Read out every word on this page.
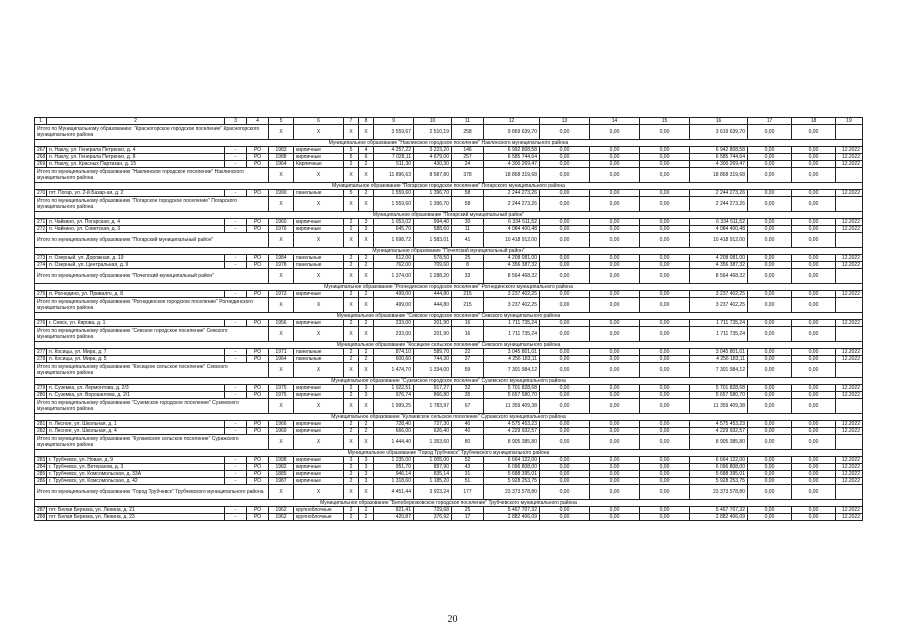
1	2	3	4	5	6	7	8	9	10	11	12	13	14	15	16	17	18	19
Итого по Муниципальному образованию: "Красногорское городское поселение" Красногорского муниципального района				X	X	X	X	3 559,67	2 510,19	258	9 869 639,70	0,00	0,00	0,00	3 619 639,70	0,00	0,00	
Муниципальное образование "Наклинское городское поселение" Наклинского муниципального района																		
267	п. Наклу, ул. Генерала Петренко, д. 4	-	РО	1983	кирпичные	5	4	4 257,22	3 223,20	146	6 992 808,58	0,00	0,00	0,00	6 942 808,58	0,00	0,00	12.2022
268	п. Наклу, ул. Генерала Петренко, д. 8	-	РО	1988	кирпичные	5	6	7 028,11	4 679,00	257	6 585 744,64	0,00	0,00	0,00	6 585 744,64	0,00	0,00	12.2022
269	п. Наклу, ул. Красных Партизан, д. 15	-	РО	1964	Кирпичные	2	2	511,30	430,30	24	4 300 269,47	0,00	0,00	0,00	4 300 269,47	0,00	0,00	12.2022
Итого по муниципальному образованию "Наклинское городское поселение" Наклинского муниципального района				X	X	X	X	11 896,63	8 587,80	378	18 868 319,68	0,00	0,00	0,00	18 868 319,68	0,00	0,00	
Муниципальное образование "Погарское городское поселение" Погарского муниципального района																		
270	пгт. Погар, ул. 2-й Базар-ая, д. 2	-	РО	1990	панельные	5	2	1 559,60	1 396,70	58	2 244 273,26	0,00	0,00	0,00	2 244 273,26	0,00	0,00	12.2022
Итого по муниципальному образованию "Погарское городское поселение" Погарского муниципального района				X	X	X	X	1 559,60	1 396,70	58	2 244 273,26	0,00	0,00	0,00	2 244 273,26	0,00	0,00	
Муниципальное образование "Погарский муниципальный район"																		
271	п. Чайкино, ул. Погарская, д. 4	-	РО	1960	кирпичные	2	3	1 053,02	994,40	30	6 334 511,52	0,00	0,00	0,00	6 334 511,52	0,00	0,00	12.2022
272	п. Чайкино, ул. Советская, д. 3	-	РО	1976	кирпичные	2	3	645,70	588,60	11	4 084 400,48	0,00	0,00	0,00	4 084 400,48	0,00	0,00	12.2022
Итого по муниципальному образованию "Погарский муниципальный район"				X	X	X	X	1 698,72	1 583,01	41	10 418 912,00	0,00	0,00	0,00	10 418 912,00	0,00	0,00	
Муниципальное образование "Почепский муниципальный район"																		
273	п. Озерный, ул. Дорожная, д. 19	-	РО	1984	панельные	2	2	612,00	578,50	25	4 208 081,00	0,00	0,00	0,00	4 208 081,00	0,00	0,00	12.2022
274	п. Озерный, ул. Центральная, д. 9	-	РО	1978	панельные	2	2	762,00	709,60	8	4 356 387,32	0,00	0,00	0,00	4 356 387,32	0,00	0,00	12.2022
Итого по муниципальному образованию "Почепский муниципальный район"				X	X	X	X	1 374,00	1 288,20	33	8 564 468,32	0,00	0,00	0,00	8 564 468,32	0,00	0,00	
Муниципальное образование "Рогнединское городское поселение" Рогнединского муниципального района																		
275	п. Рогнедино, ул. Привалго, д. 8	-	РО	1973	кирпичные	2	2	499,00	444,80	215	3 237 402,25	0,00	0,00	0,00	3 237 402,25	0,00	0,00	12.2022
Итого по муниципальному образованию "Рогнединское городское поселение" Рогнединского муниципального района				X	X	X	X	499,00	444,80	215	3 237 402,25	0,00	0,00	0,00	3 237 402,25	0,00	0,00	
Муниципальное образование "Севское городское поселение" Севского муниципального района																		
276	г. Севск, ул. Кирова, д. 1	-	РО	1956	кирпичные	2	2	233,00	201,90	16	1 711 735,24	0,00	0,00	0,00	1 711 735,24	0,00	0,00	12.2022
Итого по муниципальному образованию "Севское городское поселение" Севского муниципального района				X	X	X	X	233,00	201,90	16	1 711 735,24	0,00	0,00	0,00	1 711 735,24	0,00	0,00	
Муниципальное образование "Косицкое сельское поселение" Севского муниципального района																		
277	п. Косицы, ул. Мира, д. 7	-	РО	1971	панельные	2	2	874,10	589,70	22	3 045 801,01	0,00	0,00	0,00	3 045 801,01	0,00	0,00	12.2022
278	п. Косицы, ул. Мира, д. 5	-	РО	1964	панельные	2	2	600,60	744,30	37	4 256 183,11	0,00	0,00	0,00	4 256 183,11	0,00	0,00	12.2022
Итого по муниципальному образованию "Косицкое сельское поселение" Севского муниципального района				X	X	X	X	1 474,70	1 334,00	59	7 301 984,12	0,00	0,00	0,00	7 301 984,12	0,00	0,00	
Муниципальное образование "Суземское городское поселение" Суземского муниципального района																		
279	п. Суземка, ул. Лермонтова, д. 2/3	-	РО	1975	кирпичные	2	3	1 022,51	917,27	32	5 701 828,68	0,00	0,00	0,00	5 701 828,68	0,00	0,00	12.2022
280	п. Суземка, ул. Ворошилова, д. 2/1	-	РО	1975	кирпичные	2	3	976,74	866,80	35	5 657 580,70	0,00	0,00	0,00	5 657 580,70	0,00	0,00	12.2022
Итого по муниципальному образованию "Суземское городское поселение" Суземского муниципального района				X	X	X	X	1 999,25	1 783,97	67	11 359 409,38	0,00	0,00	0,00	11 359 409,38	0,00	0,00	
Муниципальное образование "Кулаевское сельское поселение" Суражского муниципального района																		
281	п. Лесное, ул. Школьная, д. 1	-	РО	1966	кирпичные	2	2	728,40	727,30	40	4 575 453,23	0,00	0,00	0,00	4 575 453,23	0,00	0,00	12.2022
282	п. Лесное, ул. Школьная, д. 4	-	РО	1969	кирпичные	2	2	666,00	626,40	40	4 229 932,57	0,00	0,00	0,00	4 229 932,57	0,00	0,00	12.2022
Итого по муниципальному образованию "Кулаевское сельское поселение" Суражского муниципального района				X	X	X	X	1 444,40	1 353,60	80	8 905 385,80	0,00	0,00	0,00	8 905 385,80	0,00	0,00	
Муниципальное образование "Город Трубчевск" Трубчевского муниципального района																		
283	г. Трубчевск, ул. Новая, д. 9	-	РО	1998	кирпичные	3	3	1 235,00	1 005,00	52	6 664 122,00	0,00	0,00	0,00	6 664 122,00	0,00	0,00	12.2022
284	г. Трубчевск, ул. Ветеранов, д. 3	-	РО	1982	кирпичные	2	3	951,70	897,90	43	6 096 808,00	0,00	0,00	0,00	6 096 808,00	0,00	0,00	12.2022
285	г. Трубчевск, ул. Комсомольская, д. 33А	-	РО	1885	кирпичные	2	3	946,14	835,14	31	5 688 395,01	0,00	0,00	0,00	5 688 395,01	0,00	0,00	12.2022
286	г. Трубчевск, ул. Комсомольская, д. 42	-	РО	1987	кирпичные	2	3	1 318,60	1 185,20	51	5 928 253,75	0,00	0,00	0,00	5 928 253,75	0,00	0,00	12.2022
Итого по муниципальному образованию "Город Трубчевск" Трубчевского муниципального района				X	X	X	X	4 451,44	3 923,24	177	23 373 578,80	0,00	0,00	0,00	23 373 578,80	0,00	0,00	
Муниципальное образование "Белоберезковское городское поселение" Трубчевского муниципального района																		
287	пгт. Белая Березка, ул. Ленина, д. 21	-	РО	1962	крупноблочные	2	2	821,41	729,68	25	5 467 707,32	0,00	0,00	0,00	5 467 707,32	0,00	0,00	12.2022
288	пгт. Белая Березка, ул. Ленина, д. 23	-	РО	1962	крупноблочные	2	2	420,87	376,92	17	2 882 406,09	0,00	0,00	0,00	2 882 406,09	0,00	0,00	12.2022
20
